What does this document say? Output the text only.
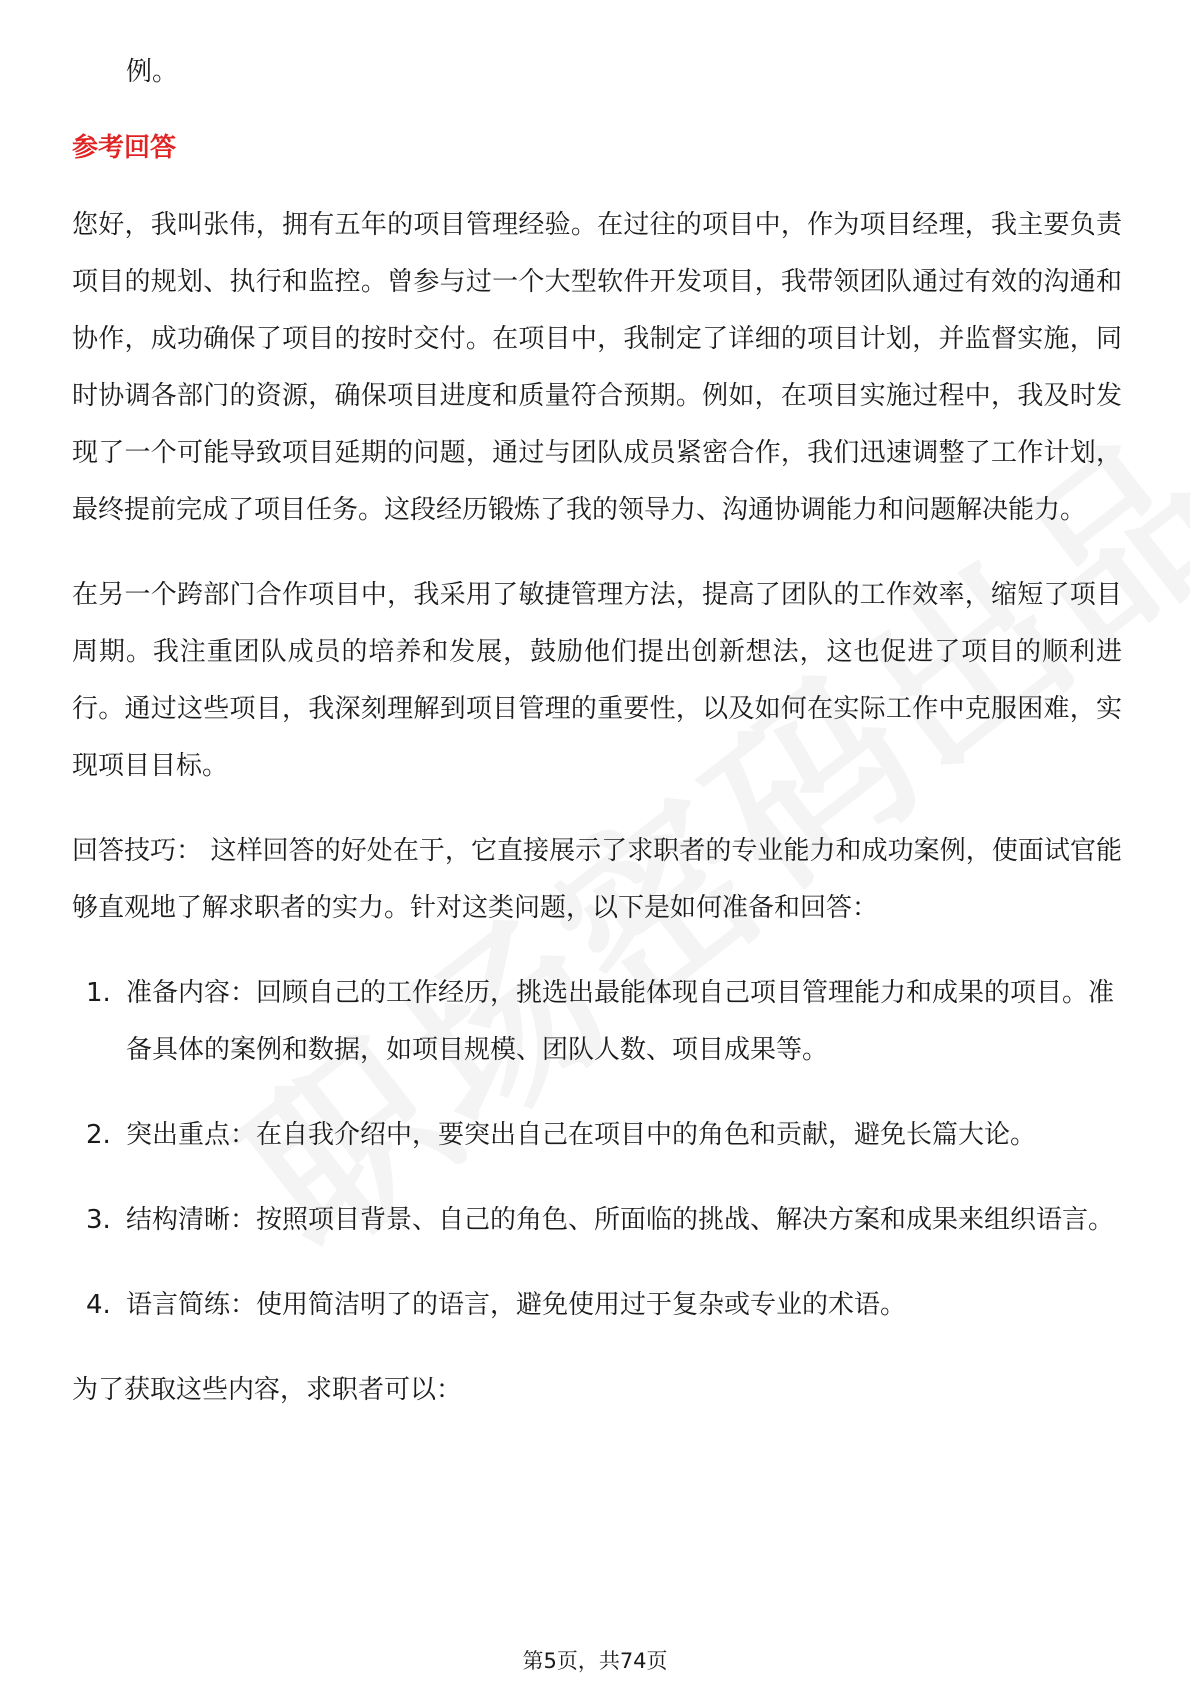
例。

参考回答

您好，我叫张伟，拥有五年的项目管理经验。在过往的项目中，作为项目经理，我主要负责项目的规划、执行和监控。曾参与过一个大型软件开发项目，我带领团队通过有效的沟通和协作，成功确保了项目的按时交付。在项目中，我制定了详细的项目计划，并监督实施，同时协调各部门的资源，确保项目进度和质量符合预期。例如，在项目实施过程中，我及时发现了一个可能导致项目延期的问题，通过与团队成员紧密合作，我们迅速调整了工作计划，最终提前完成了项目任务。这段经历锻炼了我的领导力、沟通协调能力和问题解决能力。

在另一个跨部门合作项目中，我采用了敏捷管理方法，提高了团队的工作效率，缩短了项目周期。我注重团队成员的培养和发展，鼓励他们提出创新想法，这也促进了项目的顺利进行。通过这些项目，我深刻理解到项目管理的重要性，以及如何在实际工作中克服困难，实现项目目标。

回答技巧： 这样回答的好处在于，它直接展示了求职者的专业能力和成功案例，使面试官能够直观地了解求职者的实力。针对这类问题，以下是如何准备和回答：

1. 准备内容：回顾自己的工作经历，挑选出最能体现自己项目管理能力和成果的项目。准备具体的案例和数据，如项目规模、团队人数、项目成果等。
2. 突出重点：在自我介绍中，要突出自己在项目中的角色和贡献，避免长篇大论。
3. 结构清晰：按照项目背景、自己的角色、所面临的挑战、解决方案和成果来组织语言。
4. 语言简练：使用简洁明了的语言，避免使用过于复杂或专业的术语。

为了获取这些内容，求职者可以：

第5页，共74页
